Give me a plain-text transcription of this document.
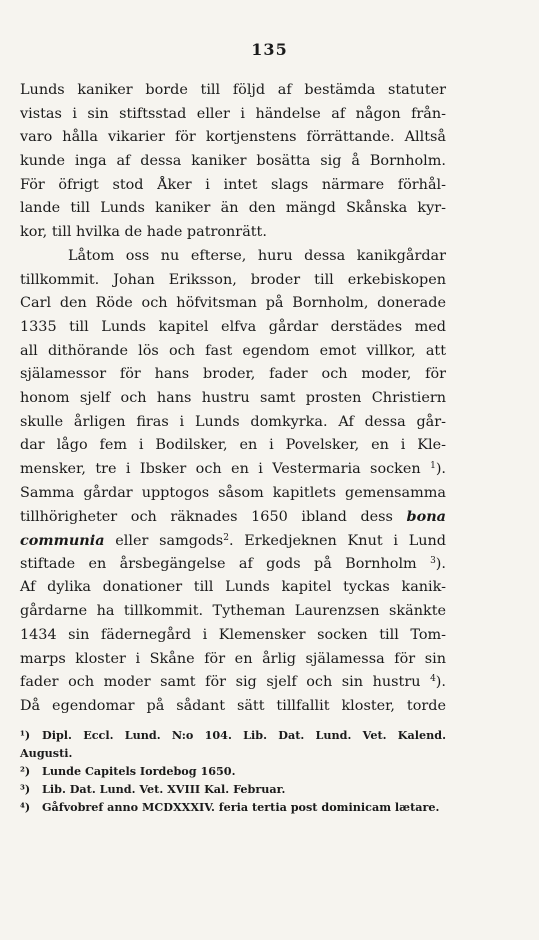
135
Lunds kaniker borde till följd af bestämda statuter
vistas i sin stiftsstad eller i händelse af någon från-
varo hålla vikarier för kortjenstens förrättande. Alltså
kunde inga af dessa kaniker bosätta sig å Bornholm.
För öfrigt stod Åker i intet slags närmare förhål-
lande till Lunds kaniker än den mängd Skånska kyr-
kor, till hvilka de hade patronrätt.
Låtom oss nu efterse, huru dessa kanikgårdar
tillkommit. Johan Eriksson, broder till erkebiskopen
Carl den Röde och höfvitsman på Bornholm, donerade
1335 till Lunds kapitel elfva gårdar derstädes med
all dithörande lös och fast egendom emot villkor, att
själamessor för hans broder, fader och moder, för
honom sjelf och hans hustru samt prosten Christiern
skulle årligen firas i Lunds domkyrka. Af dessa går-
dar lågo fem i Bodilsker, en i Povelsker, en i Kle-
mensker, tre i Ibsker och en i Vestermaria socken $^1$).
Samma gårdar upptogos såsom kapitlets gemensamma
tillhörigheter och räknades 1650 ibland dess bona
communia eller samgods$^2$. Erkedjeknen Knut i Lund
stiftade en årsbegängelse af gods på Bornholm $^3$).
Af dylika donationer till Lunds kapitel tyckas kanik-
gårdarne ha tillkommit. Tytheman Laurenzsen skänkte
1434 sin fädernegård i Klemensker socken till Tom-
marps kloster i Skåne för en årlig själamessa för sin
fader och moder samt för sig sjelf och sin hustru $^4$).
Då egendomar på sådant sätt tillfallit kloster, torde
¹) Dipl. Eccl. Lund. N:o 104. Lib. Dat. Lund. Vet. Kalend.
Augusti.
²) Lunde Capitels Iordebog 1650.
³) Lib. Dat. Lund. Vet. XVIII Kal. Februar.
⁴) Gåfvobref anno MCDXXXIV. feria tertia post dominicam lætare.
